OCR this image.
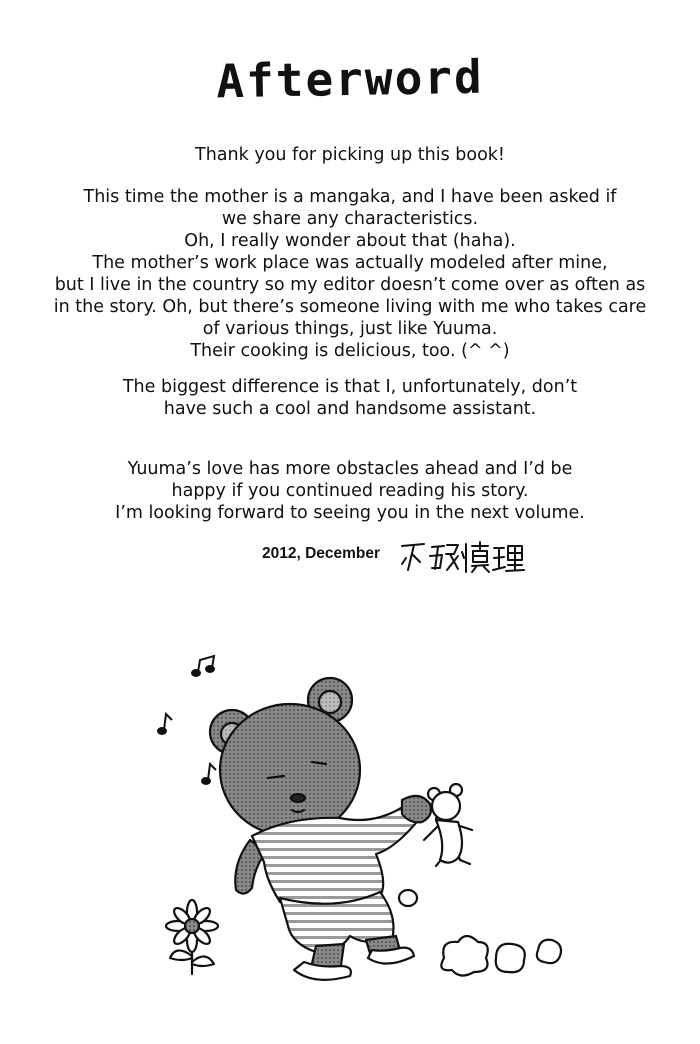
Afterword
Thank you for picking up this book!
This time the mother is a mangaka, and I have been asked if
we share any characteristics.
Oh, I really wonder about that (haha).
The mother’s work place was actually modeled after mine,
but I live in the country so my editor doesn’t come over as often as
in the story. Oh, but there’s someone living with me who takes care
of various things, just like Yuuma.
Their cooking is delicious, too. (^ ^)
The biggest difference is that I, unfortunately, don’t
have such a cool and handsome assistant.
Yuuma’s love has more obstacles ahead and I’d be
happy if you continued reading his story.
I’m looking forward to seeing you in the next volume.
2012, December
